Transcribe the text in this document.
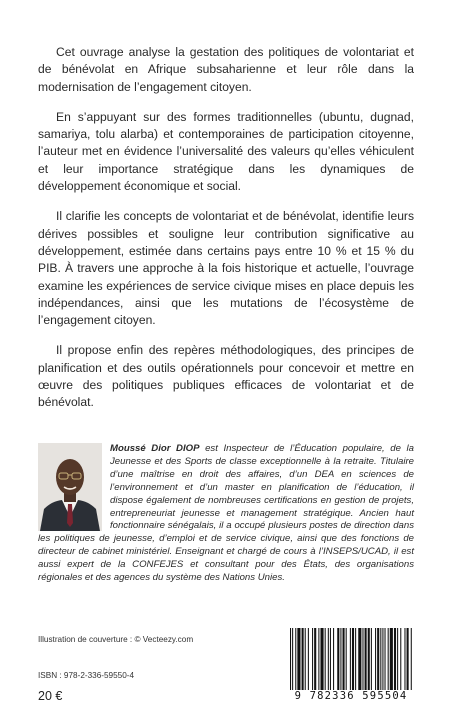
Cet ouvrage analyse la gestation des politiques de volontariat et de bénévolat en Afrique subsaharienne et leur rôle dans la modernisation de l’engagement citoyen.

En s’appuyant sur des formes traditionnelles (ubuntu, dugnad, samariya, tolu alarba) et contemporaines de participation citoyenne, l’auteur met en évidence l’universalité des valeurs qu’elles véhiculent et leur importance stratégique dans les dynamiques de développement économique et social.

Il clarifie les concepts de volontariat et de bénévolat, identifie leurs dérives possibles et souligne leur contribution significative au développement, estimée dans certains pays entre 10 % et 15 % du PIB. À travers une approche à la fois historique et actuelle, l’ouvrage examine les expériences de service civique mises en place depuis les indépendances, ainsi que les mutations de l’écosystème de l’engagement citoyen.

Il propose enfin des repères méthodologiques, des principes de planification et des outils opérationnels pour concevoir et mettre en œuvre des politiques publiques efficaces de volontariat et de bénévolat.

Moussé Dior DIOP est Inspecteur de l’Éducation populaire, de la Jeunesse et des Sports de classe exceptionnelle à la retraite. Titulaire d’une maîtrise en droit des affaires, d’un DEA en sciences de l’environnement et d’un master en planification de l’éducation, il dispose également de nombreuses certifications en gestion de projets, entrepreneuriat jeunesse et management stratégique. Ancien haut fonctionnaire sénégalais, il a occupé plusieurs postes de direction dans les politiques de jeunesse, d’emploi et de service civique, ainsi que des fonctions de directeur de cabinet ministériel. Enseignant et chargé de cours à l’INSEPS/UCAD, il est aussi expert de la CONFEJES et consultant pour des États, des organisations régionales et des agences du système des Nations Unies.

Illustration de couverture : © Vecteezy.com
ISBN : 978-2-336-59550-4
20 €	9 782336 595504
